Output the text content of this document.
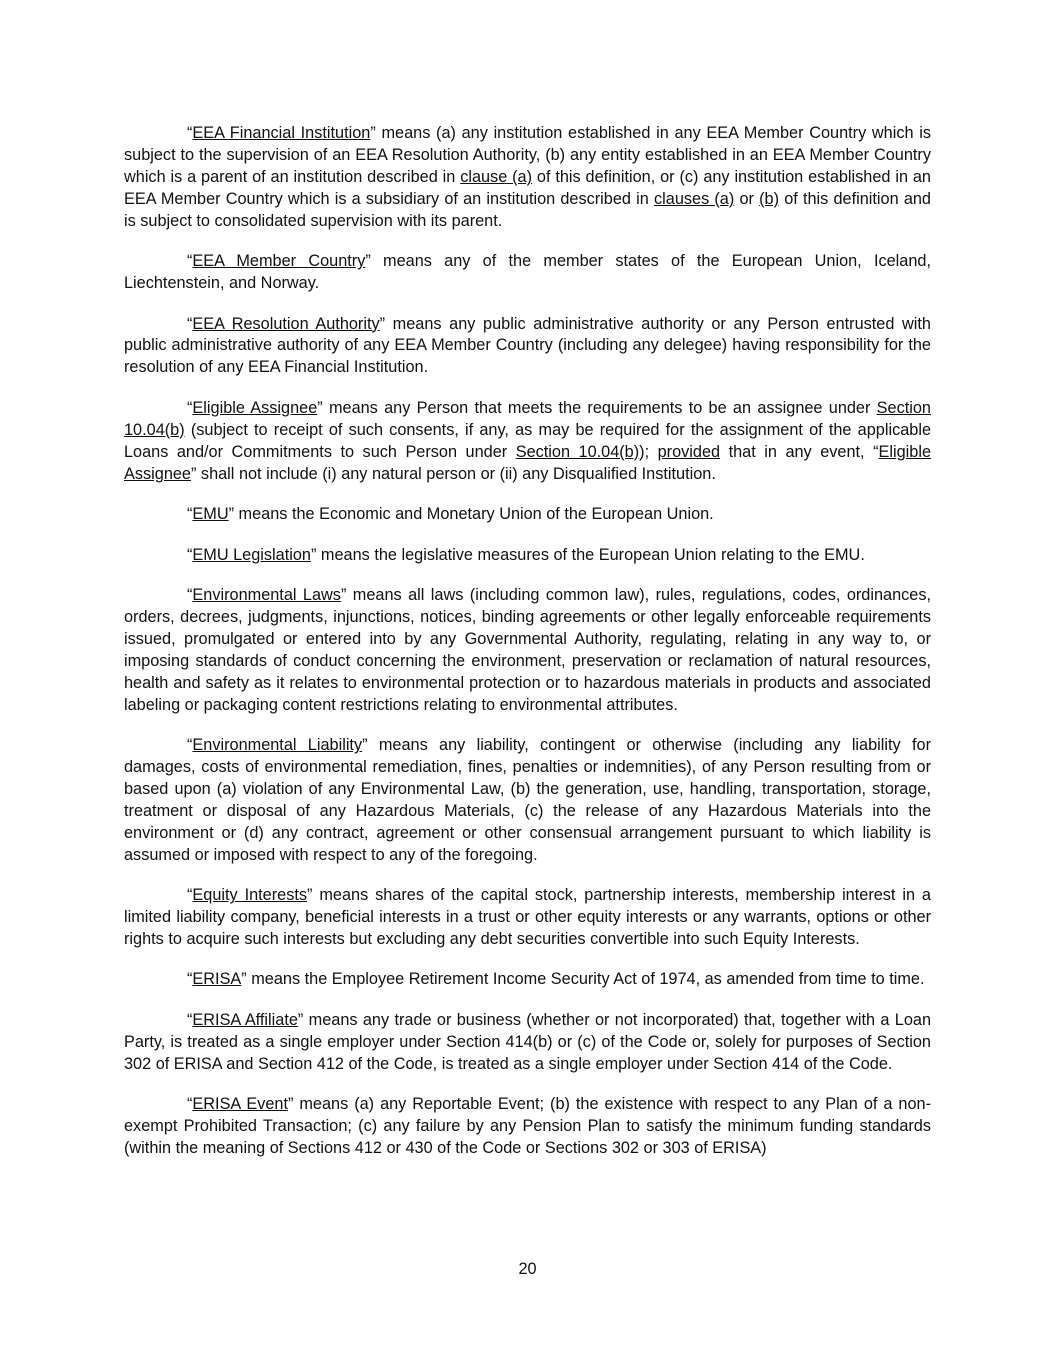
“EEA Financial Institution” means (a) any institution established in any EEA Member Country which is subject to the supervision of an EEA Resolution Authority, (b) any entity established in an EEA Member Country which is a parent of an institution described in clause (a) of this definition, or (c) any institution established in an EEA Member Country which is a subsidiary of an institution described in clauses (a) or (b) of this definition and is subject to consolidated supervision with its parent.

“EEA Member Country” means any of the member states of the European Union, Iceland, Liechtenstein, and Norway.

“EEA Resolution Authority” means any public administrative authority or any Person entrusted with public administrative authority of any EEA Member Country (including any delegee) having responsibility for the resolution of any EEA Financial Institution.

“Eligible Assignee” means any Person that meets the requirements to be an assignee under Section 10.04(b) (subject to receipt of such consents, if any, as may be required for the assignment of the applicable Loans and/or Commitments to such Person under Section 10.04(b)); provided that in any event, “Eligible Assignee” shall not include (i) any natural person or (ii) any Disqualified Institution.

“EMU” means the Economic and Monetary Union of the European Union.

“EMU Legislation” means the legislative measures of the European Union relating to the EMU.

“Environmental Laws” means all laws (including common law), rules, regulations, codes, ordinances, orders, decrees, judgments, injunctions, notices, binding agreements or other legally enforceable requirements issued, promulgated or entered into by any Governmental Authority, regulating, relating in any way to, or imposing standards of conduct concerning the environment, preservation or reclamation of natural resources, health and safety as it relates to environmental protection or to hazardous materials in products and associated labeling or packaging content restrictions relating to environmental attributes.

“Environmental Liability” means any liability, contingent or otherwise (including any liability for damages, costs of environmental remediation, fines, penalties or indemnities), of any Person resulting from or based upon (a) violation of any Environmental Law, (b) the generation, use, handling, transportation, storage, treatment or disposal of any Hazardous Materials, (c) the release of any Hazardous Materials into the environment or (d) any contract, agreement or other consensual arrangement pursuant to which liability is assumed or imposed with respect to any of the foregoing.

“Equity Interests” means shares of the capital stock, partnership interests, membership interest in a limited liability company, beneficial interests in a trust or other equity interests or any warrants, options or other rights to acquire such interests but excluding any debt securities convertible into such Equity Interests.

“ERISA” means the Employee Retirement Income Security Act of 1974, as amended from time to time.

“ERISA Affiliate” means any trade or business (whether or not incorporated) that, together with a Loan Party, is treated as a single employer under Section 414(b) or (c) of the Code or, solely for purposes of Section 302 of ERISA and Section 412 of the Code, is treated as a single employer under Section 414 of the Code.

“ERISA Event” means (a) any Reportable Event; (b) the existence with respect to any Plan of a non-exempt Prohibited Transaction; (c) any failure by any Pension Plan to satisfy the minimum funding standards (within the meaning of Sections 412 or 430 of the Code or Sections 302 or 303 of ERISA)

20
